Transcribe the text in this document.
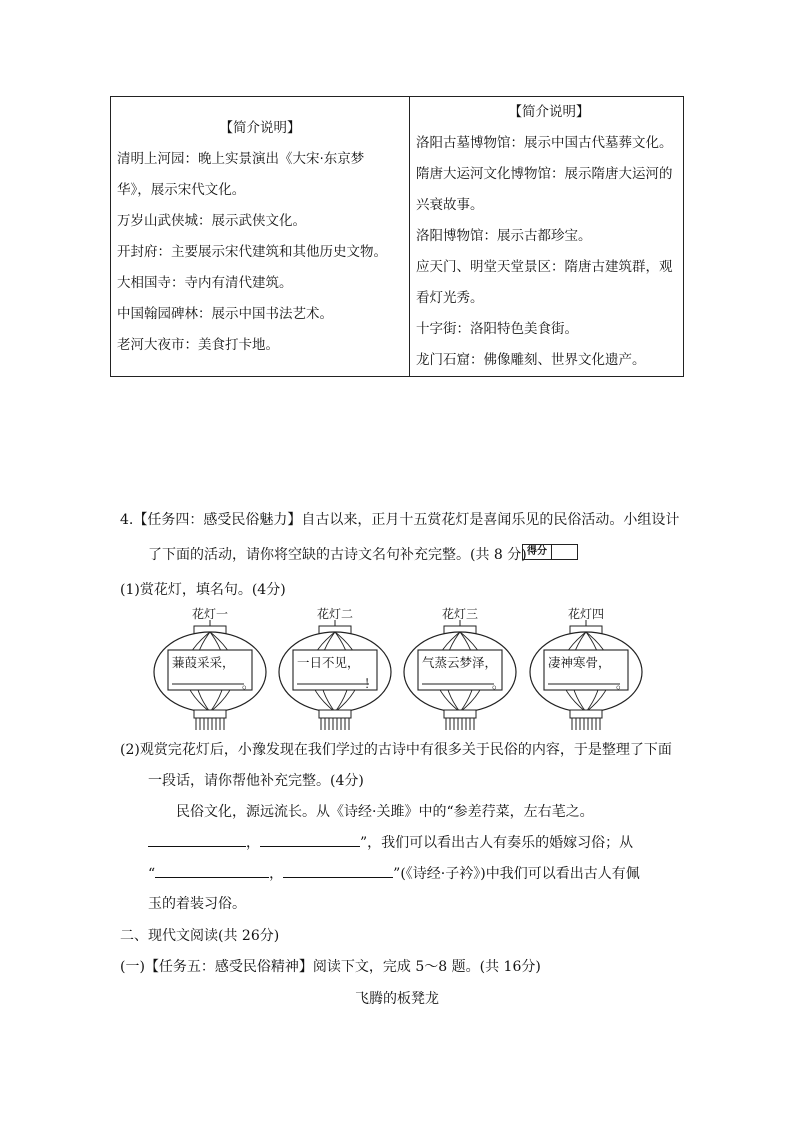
【简介说明】
清明上河园：晚上实景演出《大宋·东京梦
华》，展示宋代文化。
万岁山武侠城：展示武侠文化。
开封府：主要展示宋代建筑和其他历史文物。
大相国寺：寺内有清代建筑。
中国翰园碑林：展示中国书法艺术。
老河大夜市：美食打卡地。
【简介说明】
洛阳古墓博物馆：展示中国古代墓葬文化。
隋唐大运河文化博物馆：展示隋唐大运河的
兴衰故事。
洛阳博物馆：展示古都珍宝。
应天门、明堂天堂景区：隋唐古建筑群，观
看灯光秀。
十字街：洛阳特色美食街。
龙门石窟：佛像雕刻、世界文化遗产。
4.【任务四：感受民俗魅力】自古以来，正月十五赏花灯是喜闻乐见的民俗活动。小组设计
了下面的活动，请你将空缺的古诗文名句补充完整。(共 8 分) 得分
(1)赏花灯，填名句。(4分)
花灯一
蒹葭采采，
。
花灯二
一日不见，
！
花灯三
气蒸云梦泽，
。
花灯四
凄神寒骨，
。
(2)观赏完花灯后，小豫发现在我们学过的古诗中有很多关于民俗的内容，于是整理了下面
一段话，请你帮他补充完整。(4分)
民俗文化，源远流长。从《诗经·关雎》中的“参差荇菜，左右芼之。
，	”，我们可以看出古人有奏乐的婚嫁习俗；从
“	，	”(《诗经·子衿》)中我们可以看出古人有佩
玉的着装习俗。
二、现代文阅读(共 26分)
(一)【任务五：感受民俗精神】阅读下文，完成 5～8 题。(共 16分)
飞腾的板凳龙
